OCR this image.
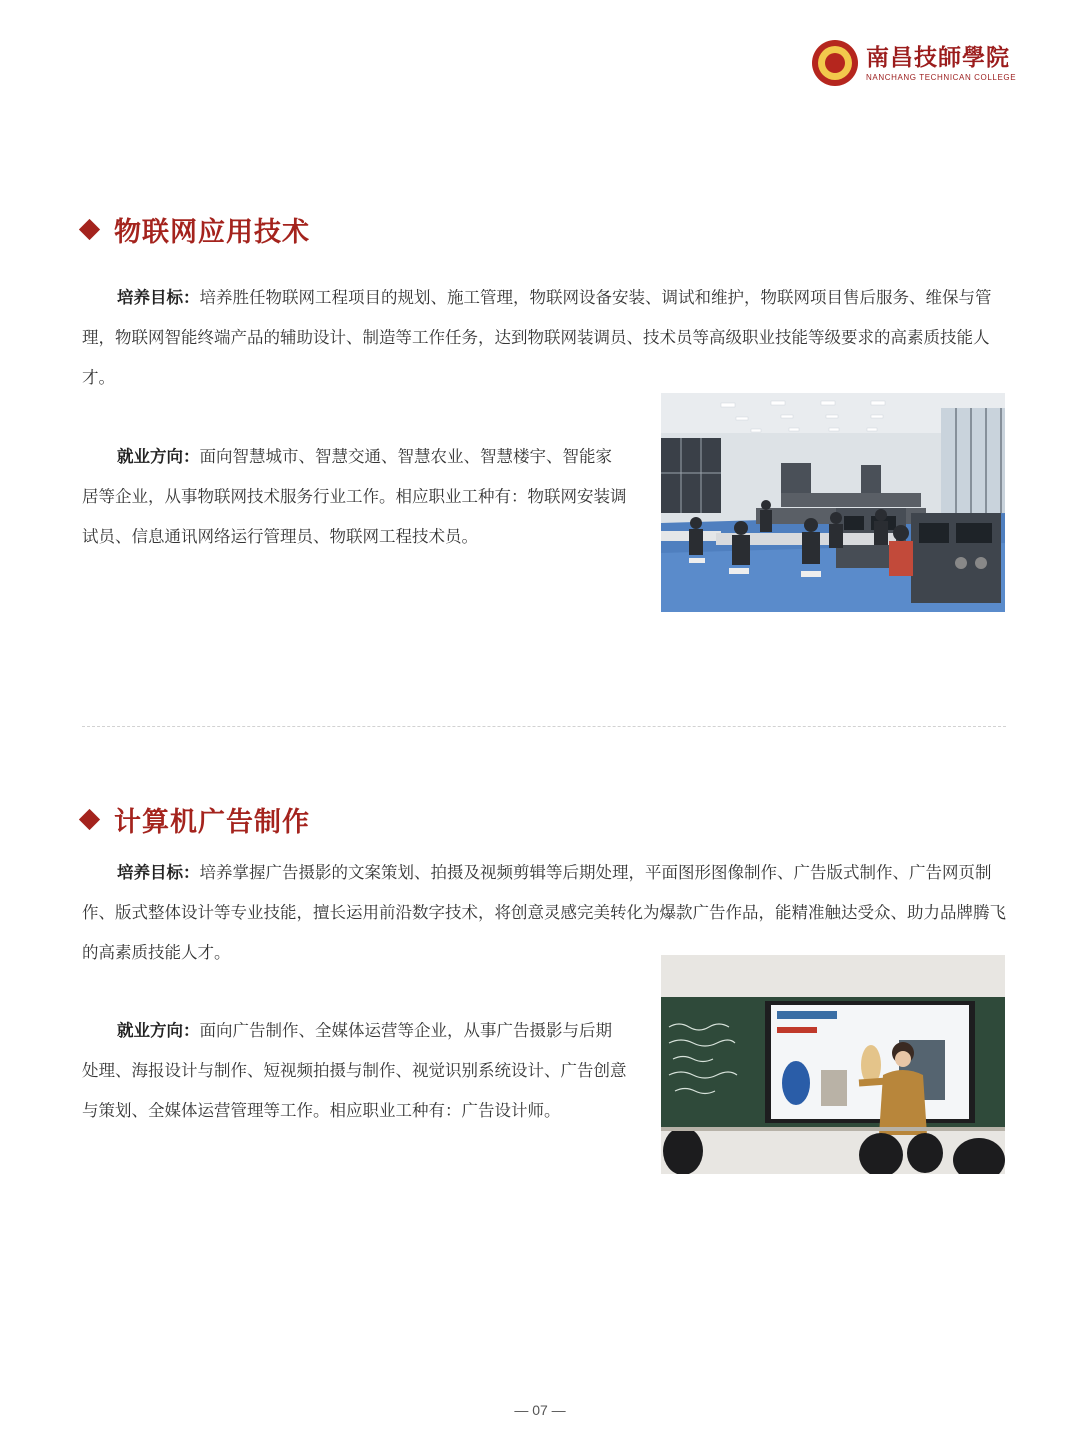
南昌技師學院
NANCHANG TECHNICAN COLLEGE
物联网应用技术

培养目标：培养胜任物联网工程项目的规划、施工管理，物联网设备安装、调试和维护，物联网项目售后服务、维保与管理，物联网智能终端产品的辅助设计、制造等工作任务，达到物联网装调员、技术员等高级职业技能等级要求的高素质技能人才。

就业方向：面向智慧城市、智慧交通、智慧农业、智慧楼宇、智能家居等企业，从事物联网技术服务行业工作。相应职业工种有：物联网安装调试员、信息通讯网络运行管理员、物联网工程技术员。

计算机广告制作

培养目标：培养掌握广告摄影的文案策划、拍摄及视频剪辑等后期处理，平面图形图像制作、广告版式制作、广告网页制作、版式整体设计等专业技能，擅长运用前沿数字技术，将创意灵感完美转化为爆款广告作品，能精准触达受众、助力品牌腾飞的高素质技能人才。

就业方向：面向广告制作、全媒体运营等企业，从事广告摄影与后期处理、海报设计与制作、短视频拍摄与制作、视觉识别系统设计、广告创意与策划、全媒体运营管理等工作。相应职业工种有：广告设计师。

— 07 —
